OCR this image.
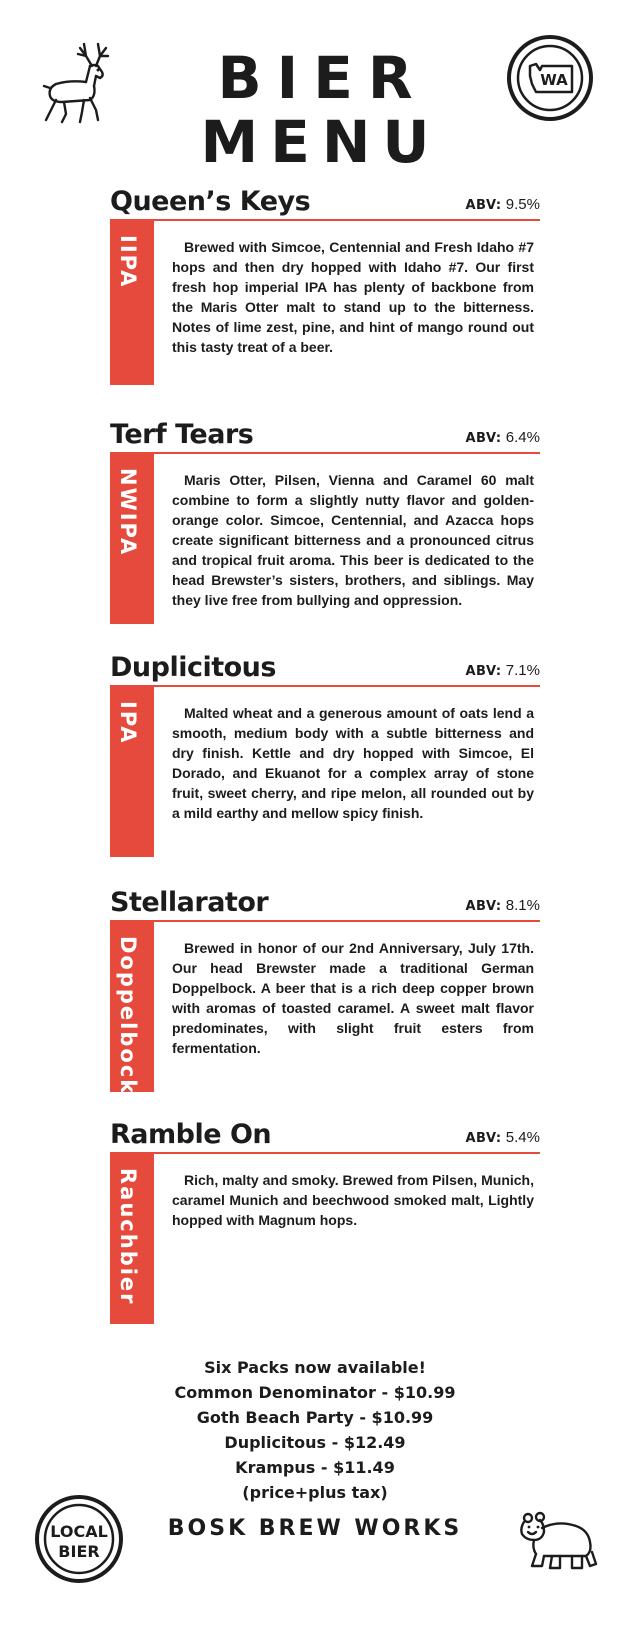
BIER
MENU
WA
Queen’s Keys	ABV: 9.5%
IIPA	Brewed with Simcoe, Centennial and Fresh Idaho #7 hops and then dry hopped with Idaho #7. Our first fresh hop imperial IPA has plenty of backbone from the Maris Otter malt to stand up to the bitterness. Notes of lime zest, pine, and hint of mango round out this tasty treat of a beer.
Terf Tears	ABV: 6.4%
NWIPA	Maris Otter, Pilsen, Vienna and Caramel 60 malt combine to form a slightly nutty flavor and golden-orange color. Simcoe, Centennial, and Azacca hops create significant bitterness and a pronounced citrus and tropical fruit aroma. This beer is dedicated to the head Brewster’s sisters, brothers, and siblings. May they live free from bullying and oppression.
Duplicitous	ABV: 7.1%
IPA	Malted wheat and a generous amount of oats lend a smooth, medium body with a subtle bitterness and dry finish. Kettle and dry hopped with Simcoe, El Dorado, and Ekuanot for a complex array of stone fruit, sweet cherry, and ripe melon, all rounded out by a mild earthy and mellow spicy finish.
Stellarator	ABV: 8.1%
Doppelbock	Brewed in honor of our 2nd Anniversary, July 17th. Our head Brewster made a traditional German Doppelbock. A beer that is a rich deep copper brown with aromas of toasted caramel. A sweet malt flavor predominates, with slight fruit esters from fermentation.
Ramble On	ABV: 5.4%
Rauchbier	Rich, malty and smoky. Brewed from Pilsen, Munich, caramel Munich and beechwood smoked malt, Lightly hopped with Magnum hops.
Six Packs now available!
Common Denominator - $10.99
Goth Beach Party - $10.99
Duplicitous - $12.49
Krampus - $11.49
(price+plus tax)
LOCAL
BIER
BOSK BREW WORKS
